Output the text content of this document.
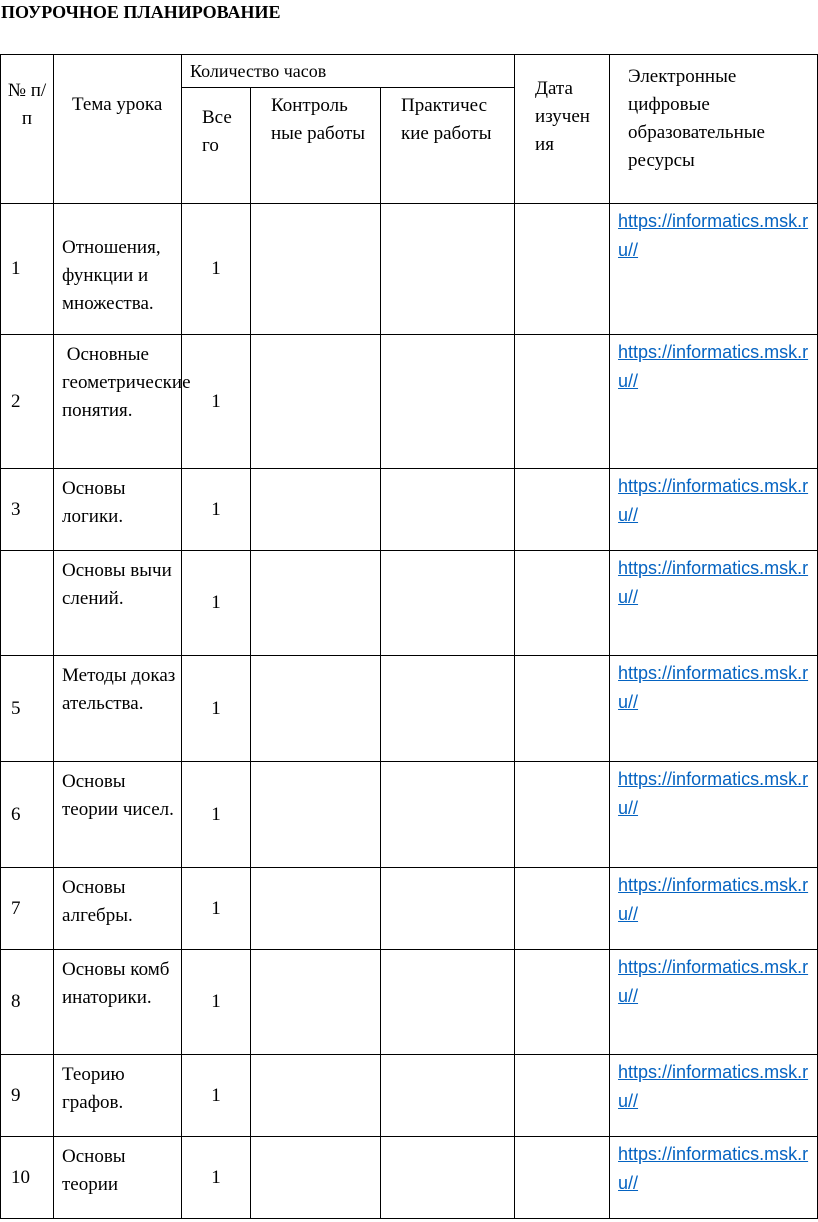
ПОУРОЧНОЕ ПЛАНИРОВАНИЕ
№ п/ п	Тема урока	Количество часов			Дата изучен ия	Электронные цифровые образовательные ресурсы
		Все го	Контроль ные работы	Практичес кие работы		
1	Отношения, функции и множества.	1				https://informatics.msk.ru//

2	Основные геометрические понятия.	1				https://informatics.msk.ru//

3	Основы логики.	1				https://informatics.msk.ru//

	Основы вычислений.	1				https://informatics.msk.ru//

5	Методы доказательства.	1				https://informatics.msk.ru//

6	Основы теории чисел.	1				https://informatics.msk.ru//

7	Основы алгебры.	1				https://informatics.msk.ru//

8	Основы комбинаторики.	1				https://informatics.msk.ru//

9	Теорию графов.	1				https://informatics.msk.ru//

10	Основы теории	1				https://informatics.msk.ru//
